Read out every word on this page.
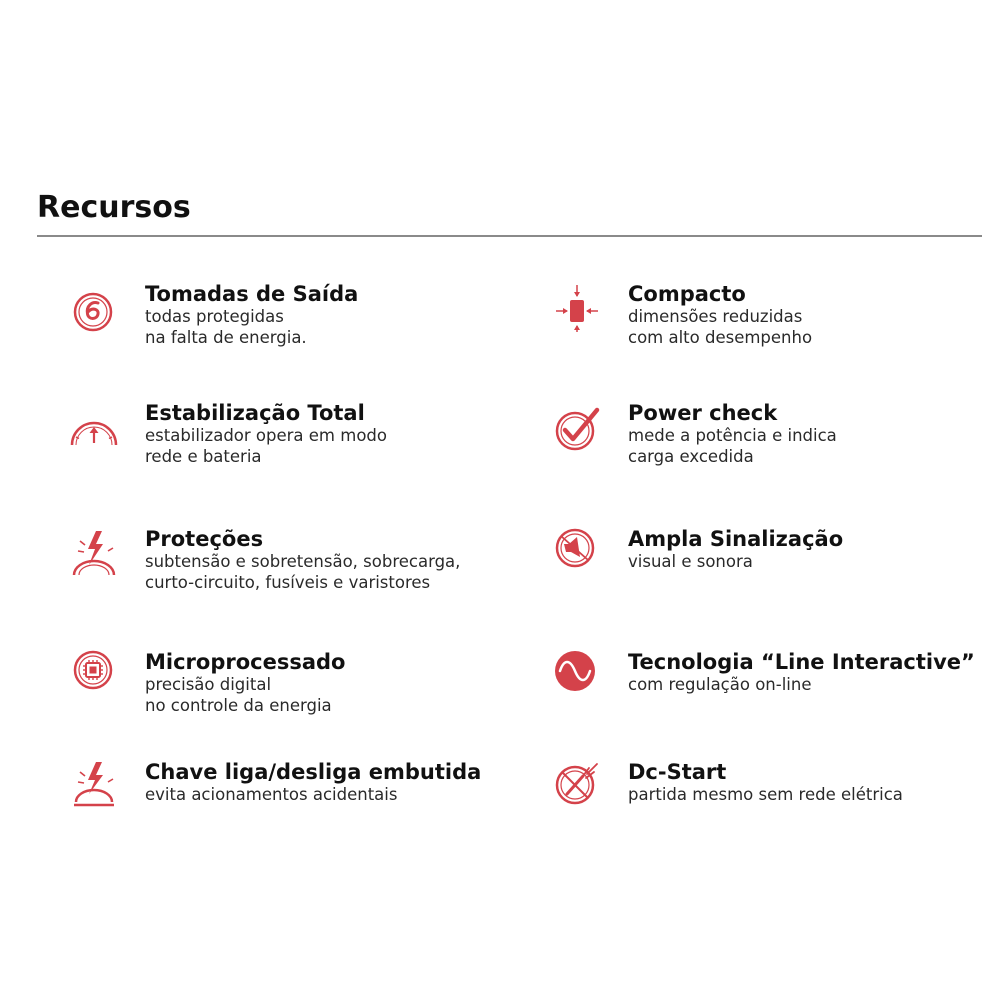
Recursos
Tomadas de Saída

todas protegidas

na falta de energia.

Compacto

dimensões reduzidas

com alto desempenho

Estabilização Total

estabilizador opera em modo

rede e bateria

Power check

mede a potência e indica

carga excedida

Proteções

subtensão e sobretensão, sobrecarga,

curto-circuito, fusíveis e varistores

Ampla Sinalização

visual e sonora

Microprocessado

precisão digital

no controle da energia

Tecnologia “Line Interactive”

com regulação on-line

Chave liga/desliga embutida

evita acionamentos acidentais

Dc-Start

partida mesmo sem rede elétrica
